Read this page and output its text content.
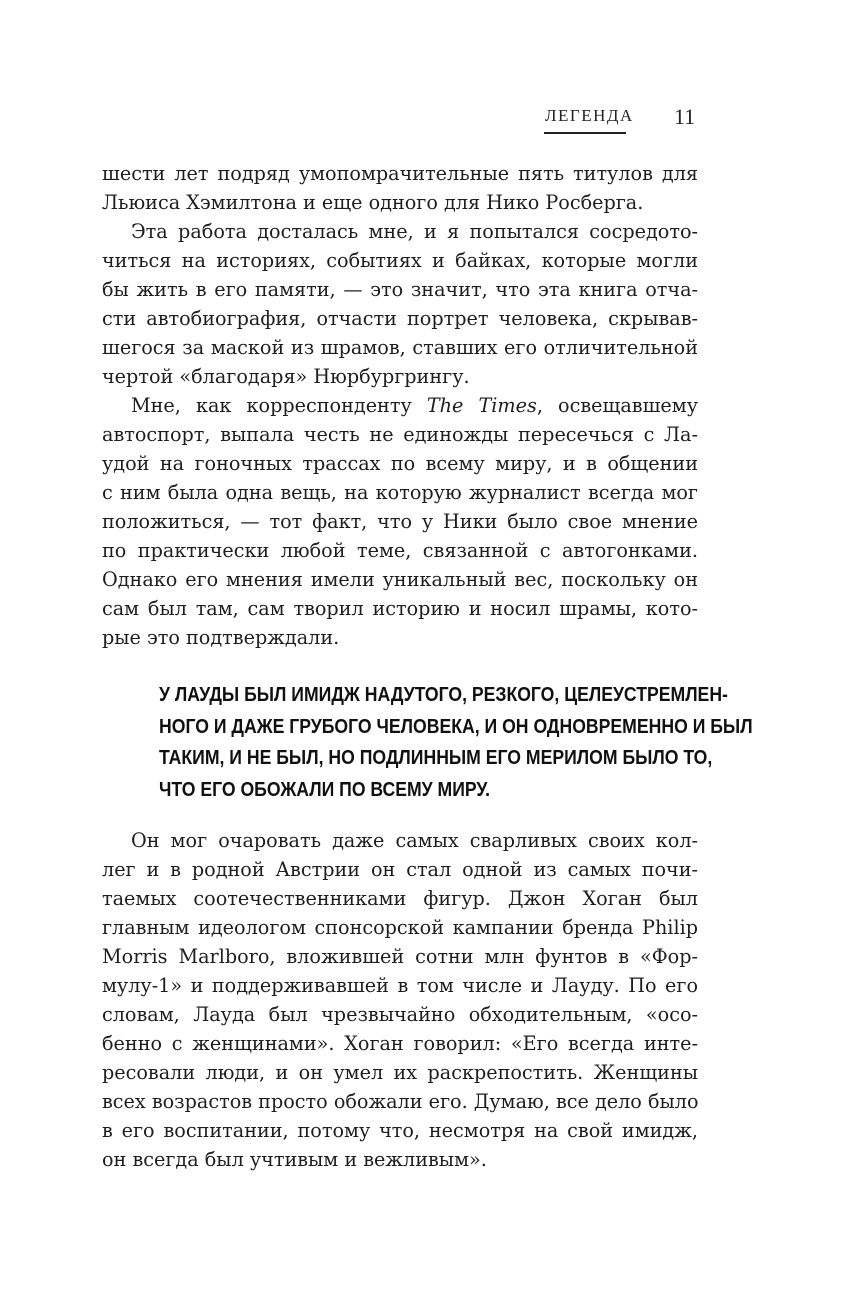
ЛЕГЕНДА 11
шести лет подряд умопомрачительные пять титулов для
Льюиса Хэмилтона и еще одного для Нико Росберга.
Эта работа досталась мне, и я попытался сосредото-
читься на историях, событиях и байках, которые могли
бы жить в его памяти, — это значит, что эта книга отча-
сти автобиография, отчасти портрет человека, скрывав-
шегося за маской из шрамов, ставших его отличительной
чертой «благодаря» Нюрбургрингу.
Мне, как корреспонденту The Times, освещавшему
автоспорт, выпала честь не единожды пересечься с Ла-
удой на гоночных трассах по всему миру, и в общении
с ним была одна вещь, на которую журналист всегда мог
положиться, — тот факт, что у Ники было свое мнение
по практически любой теме, связанной с автогонками.
Однако его мнения имели уникальный вес, поскольку он
сам был там, сам творил историю и носил шрамы, кото-
рые это подтверждали.
У ЛАУДЫ БЫЛ ИМИДЖ НАДУТОГО, РЕЗКОГО, ЦЕЛЕУСТРЕМЛЕН-
НОГО И ДАЖЕ ГРУБОГО ЧЕЛОВЕКА, И ОН ОДНОВРЕМЕННО И БЫЛ
ТАКИМ, И НЕ БЫЛ, НО ПОДЛИННЫМ ЕГО МЕРИЛОМ БЫЛО ТО,
ЧТО ЕГО ОБОЖАЛИ ПО ВСЕМУ МИРУ.
Он мог очаровать даже самых сварливых своих кол-
лег и в родной Австрии он стал одной из самых почи-
таемых соотечественниками фигур. Джон Хоган был
главным идеологом спонсорской кампании бренда Philip
Morris Marlboro, вложившей сотни млн фунтов в «Фор-
мулу-1» и поддерживавшей в том числе и Лауду. По его
словам, Лауда был чрезвычайно обходительным, «осо-
бенно с женщинами». Хоган говорил: «Его всегда инте-
ресовали люди, и он умел их раскрепостить. Женщины
всех возрастов просто обожали его. Думаю, все дело было
в его воспитании, потому что, несмотря на свой имидж,
он всегда был учтивым и вежливым».
